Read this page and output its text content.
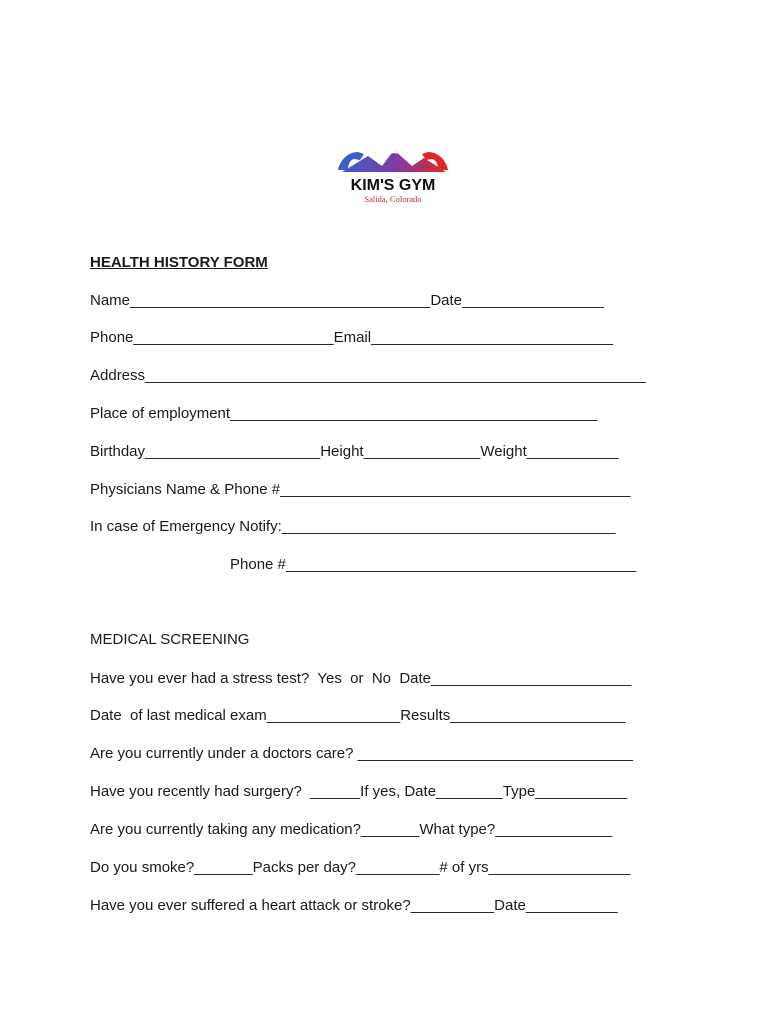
KIM'S GYM
Salida, Colorado
HEALTH HISTORY FORM
Name____________________________________Date_________________
Phone________________________Email_____________________________
Address____________________________________________________________
Place of employment____________________________________________
Birthday_____________________Height______________Weight___________
Physicians Name & Phone #__________________________________________
In case of Emergency Notify:________________________________________
Phone #__________________________________________
MEDICAL SCREENING
Have you ever had a stress test?  Yes  or  No  Date________________________
Date  of last medical exam________________Results_____________________
Are you currently under a doctors care? _________________________________
Have you recently had surgery?  ______If yes, Date________Type___________
Are you currently taking any medication?_______What type?______________
Do you smoke?_______Packs per day?__________# of yrs_________________
Have you ever suffered a heart attack or stroke?__________Date___________
